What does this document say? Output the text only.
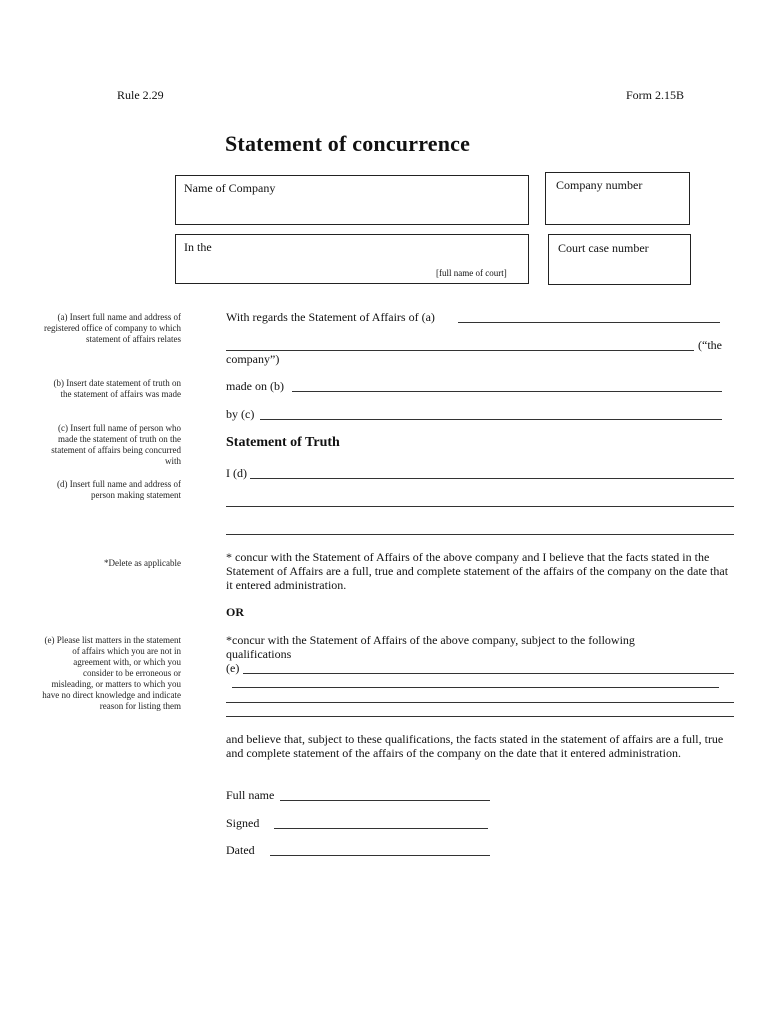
Rule 2.29	Form 2.15B
Statement of concurrence
Name of Company	Company number
In the
[full name of court]
Court case number
(a) Insert full name and address of registered office of company to which statement of affairs relates
(b) Insert date statement of truth on the statement of affairs was made
(c) Insert full name of person who made the statement of truth on the statement of affairs being concurred with
(d) Insert full name and address of person making statement
*Delete as applicable
(e) Please list matters in the statement of affairs which you are not in agreement with, or which you consider to be erroneous or misleading, or matters to which you have no direct knowledge and indicate reason for listing them
With regards the Statement of Affairs of (a)
(“the
company”)
made on (b)
by (c)
Statement of Truth
I (d)
* concur with the Statement of Affairs of the above company and I believe that the facts stated in the Statement of Affairs are a full, true and complete statement of the affairs of the company on the date that it entered administration.
OR
*concur with the Statement of Affairs of the above company, subject to the following qualifications
(e)
and believe that, subject to these qualifications, the facts stated in the statement of affairs are a full, true and complete statement of the affairs of the company on the date that it entered administration.
Full name
Signed
Dated
